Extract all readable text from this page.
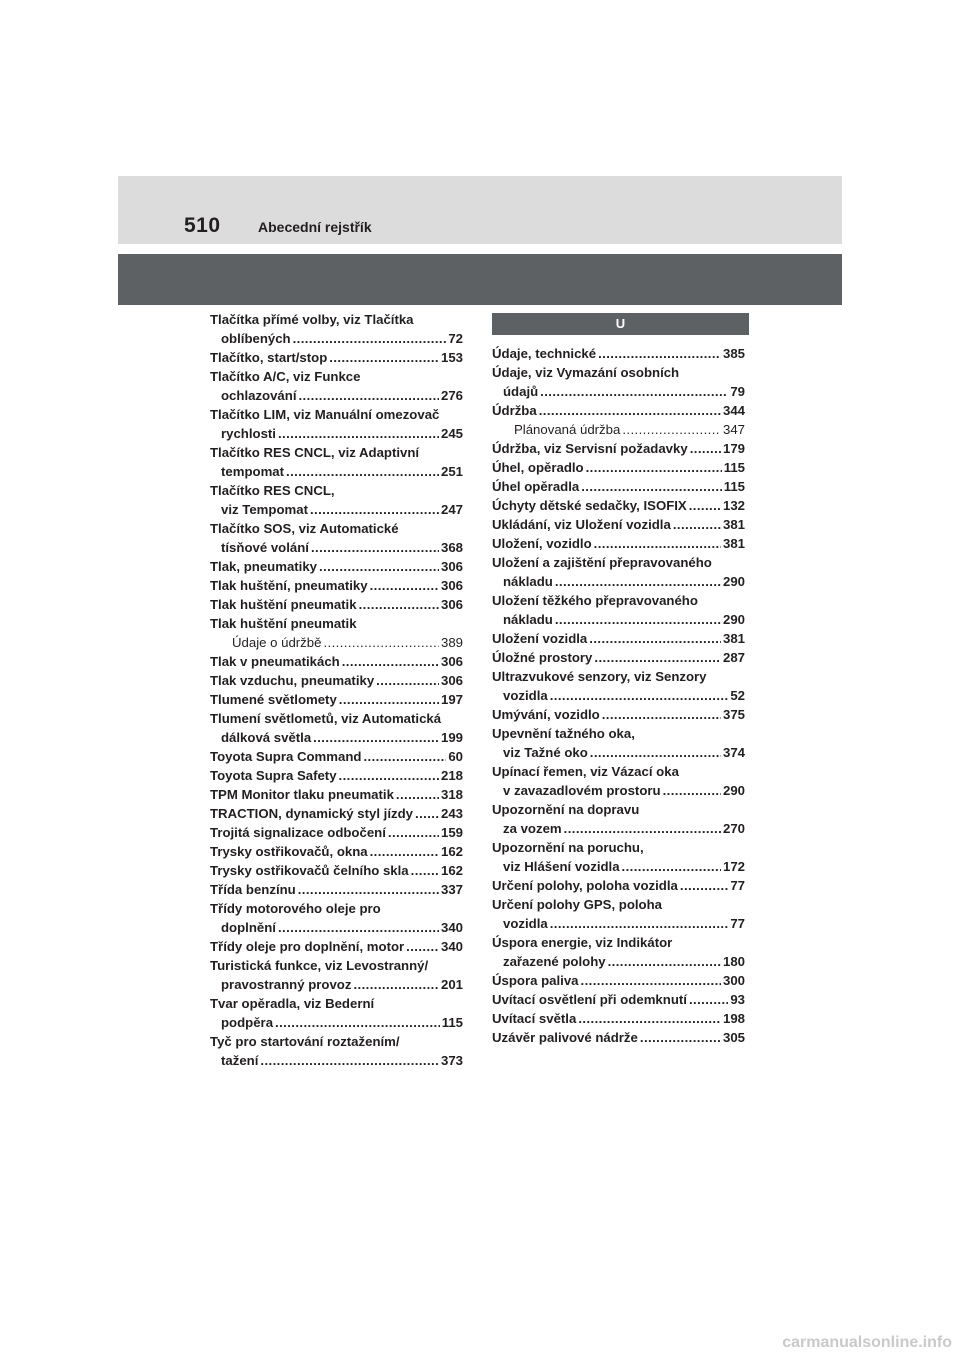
510	Abecední rejstřík
Tlačítka přímé volby, viz Tlačítka
oblíbených .....	72
Tlačítko, start/stop .....	153
Tlačítko A/C, viz Funkce
ochlazování .....	276
Tlačítko LIM, viz Manuální omezovač
rychlosti .....	245
Tlačítko RES CNCL, viz Adaptivní
tempomat .....	251
Tlačítko RES CNCL,
viz Tempomat .....	247
Tlačítko SOS, viz Automatické
tísňové volání .....	368
Tlak, pneumatiky .....	306
Tlak huštění, pneumatiky .....	306
Tlak huštění pneumatik .....	306
Tlak huštění pneumatik
Údaje o údržbě .....	389
Tlak v pneumatikách .....	306
Tlak vzduchu, pneumatiky .....	306
Tlumené světlomety .....	197
Tlumení světlometů, viz Automatická
dálková světla .....	199
Toyota Supra Command .....	60
Toyota Supra Safety .....	218
TPM Monitor tlaku pneumatik .....	318
TRACTION, dynamický styl jízdy ..... 243
Trojitá signalizace odbočení .....	159
Trysky ostřikovačů, okna .....	162
Trysky ostřikovačů čelního skla ..... 162
Třída benzínu .....	337
Třídy motorového oleje pro
doplnění .....	340
Třídy oleje pro doplnění, motor .....	340
Turistická funkce, viz Levostranný/
pravostranný provoz .....	201
Tvar opěradla, viz Bederní
podpěra .....	115
Tyč pro startování roztažením/
tažení .....	373
U
Údaje, technické .....	385
Údaje, viz Vymazání osobních
údajů .....	79
Údržba .....	344
Plánovaná údržba .....	347
Údržba, viz Servisní požadavky .....	179
Úhel, opěradlo .....	115
Úhel opěradla .....	115
Úchyty dětské sedačky, ISOFIX .....	132
Ukládání, viz Uložení vozidla .....	381
Uložení, vozidlo .....	381
Uložení a zajištění přepravovaného
nákladu .....	290
Uložení těžkého přepravovaného
nákladu .....	290
Uložení vozidla .....	381
Úložné prostory .....	287
Ultrazvukové senzory, viz Senzory
vozidla .....	52
Umývání, vozidlo .....	375
Upevnění tažného oka,
viz Tažné oko .....	374
Upínací řemen, viz Vázací oka
v zavazadlovém prostoru .....	290
Upozornění na dopravu
za vozem .....	270
Upozornění na poruchu,
viz Hlášení vozidla .....	172
Určení polohy, poloha vozidla .....	77
Určení polohy GPS, poloha
vozidla .....	77
Úspora energie, viz Indikátor
zařazené polohy .....	180
Úspora paliva .....	300
Uvítací osvětlení při odemknutí .....	93
Uvítací světla .....	198
Uzávěr palivové nádrže .....	305
carmanualsonline.info
